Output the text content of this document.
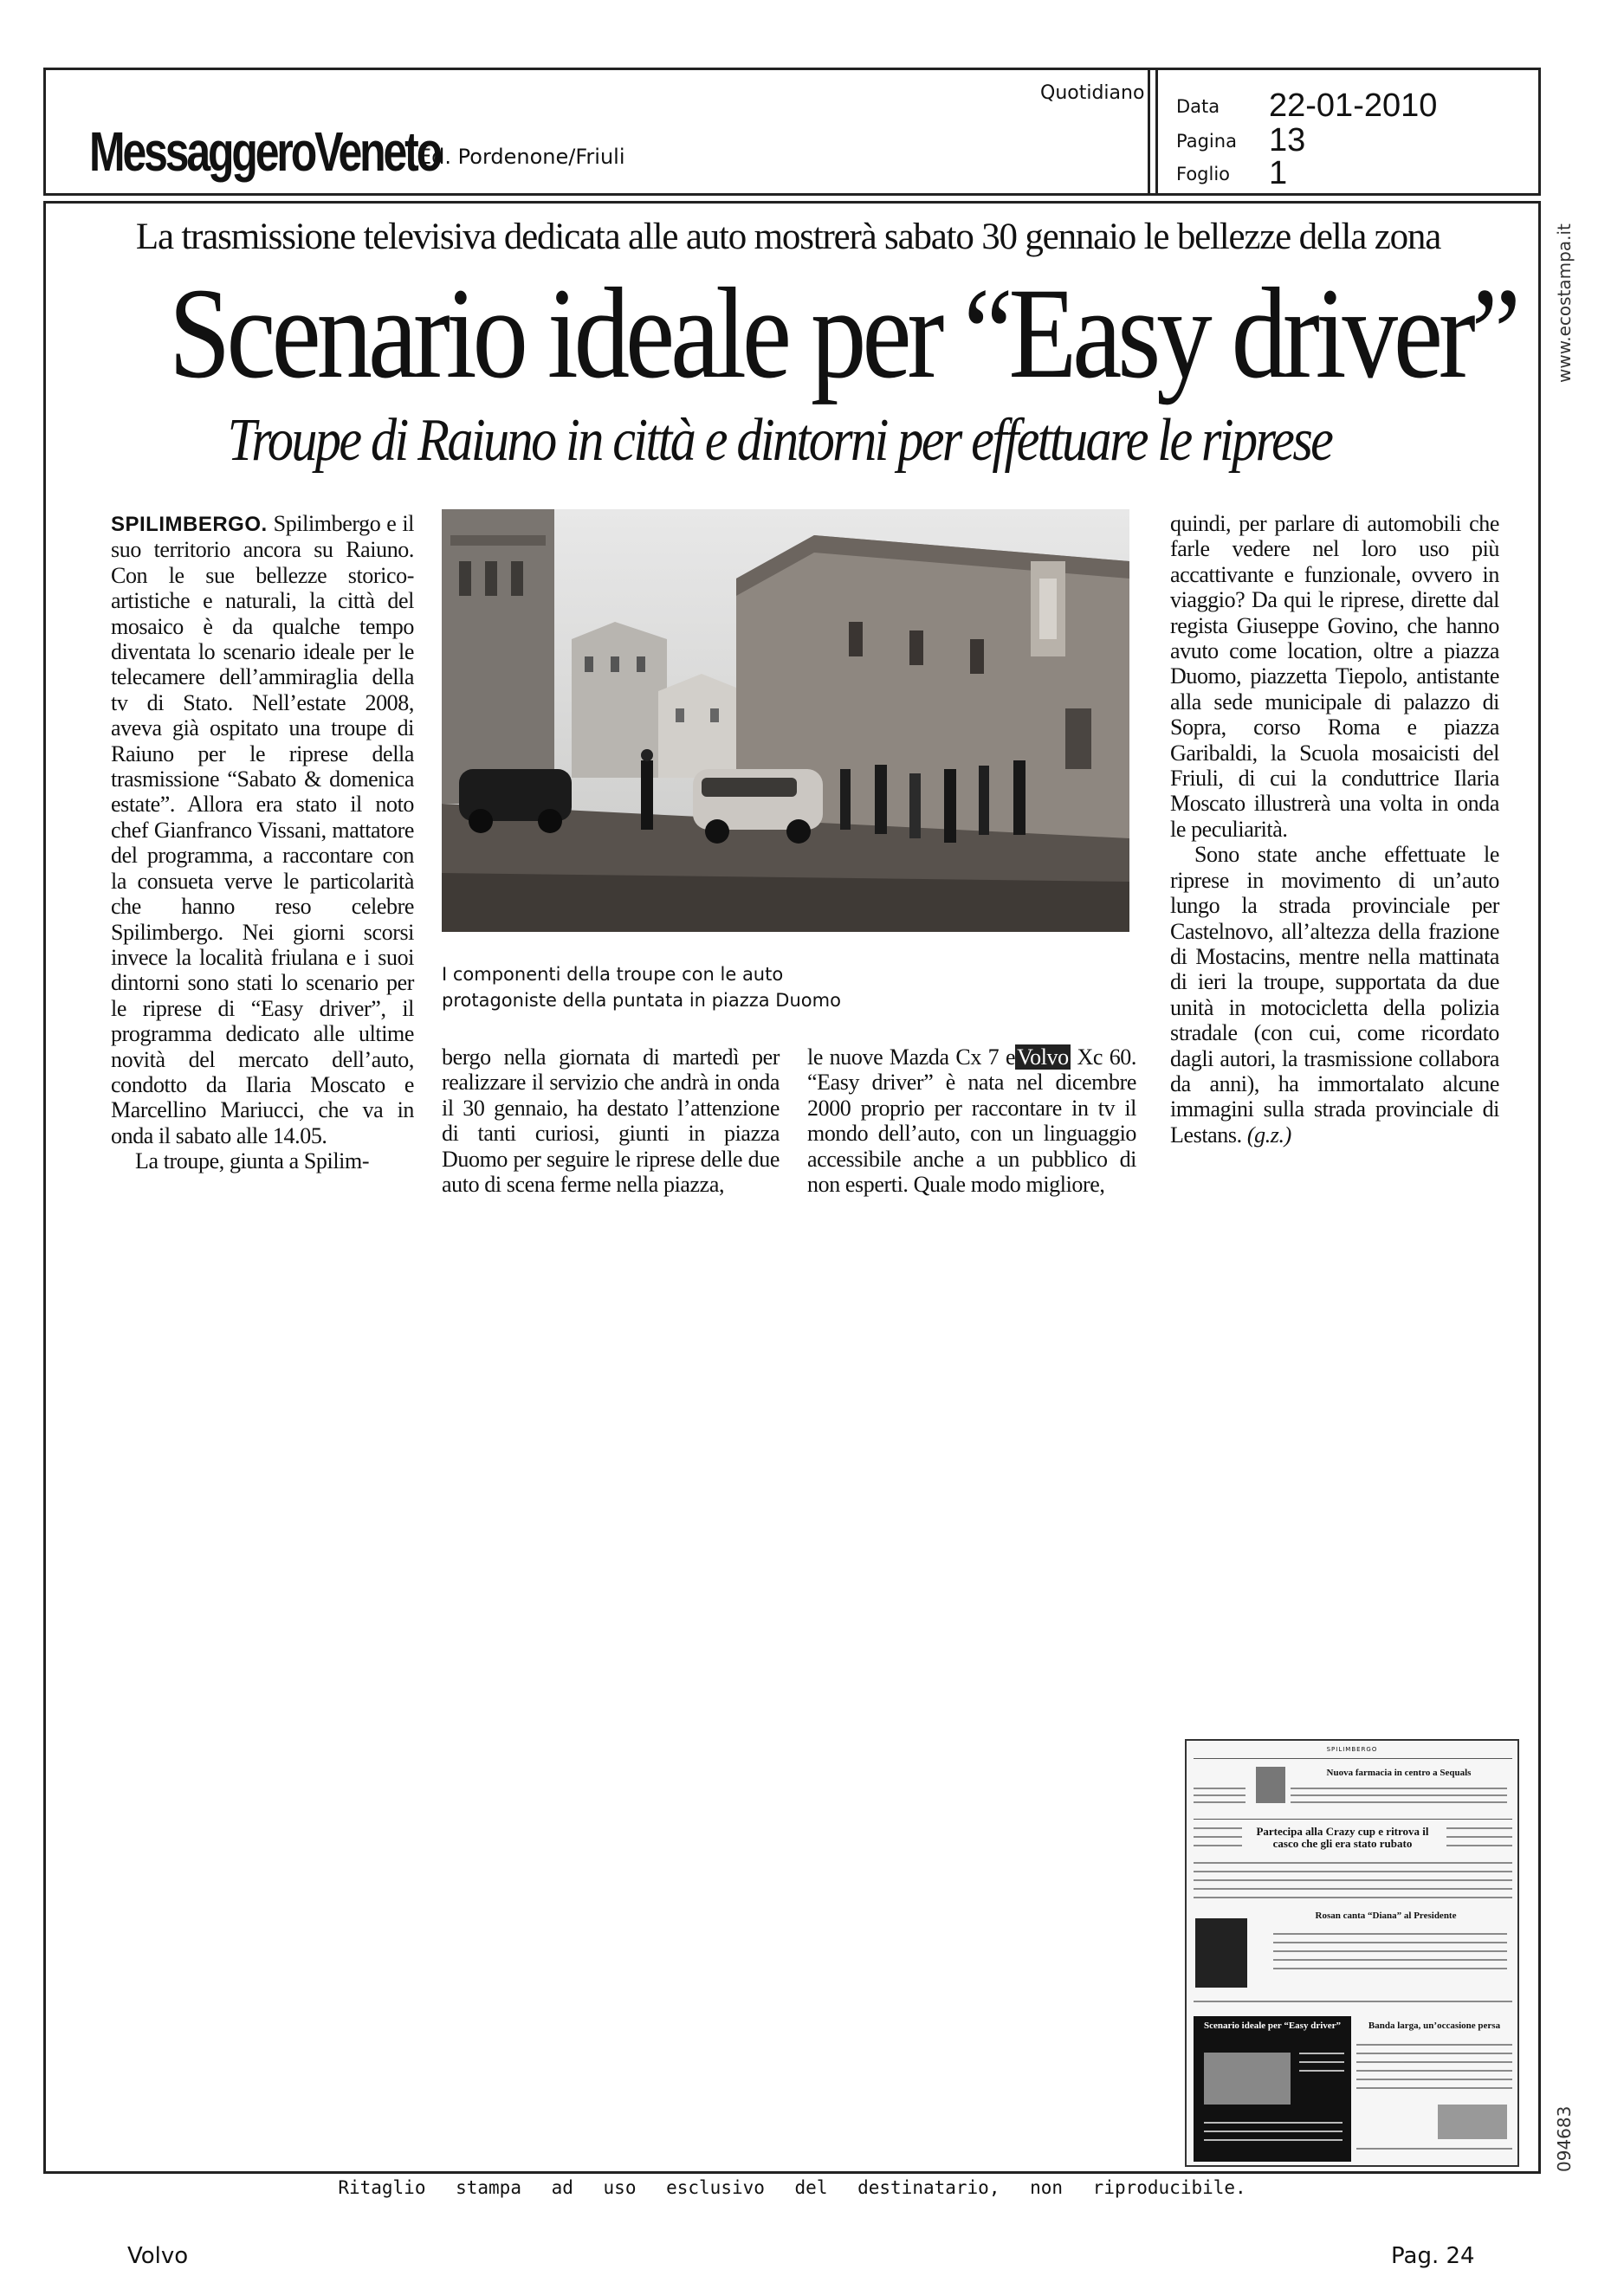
MessaggeroVeneto
Ed. Pordenone/Friuli
Quotidiano
Data 22-01-2010
Pagina 13
Foglio 1
www.ecostampa.it
094683
La trasmissione televisiva dedicata alle auto mostrerà sabato 30 gennaio le bellezze della zona
Scenario ideale per “Easy driver”
Troupe di Raiuno in città e dintorni per effettuare le riprese

SPILIMBERGO. Spilimbergo e il suo territorio ancora su Raiuno. Con le sue bellezze storico-artistiche e naturali, la città del mosaico è da qualche tempo diventata lo scenario ideale per le telecamere dell’ammiraglia della tv di Stato. Nell’estate 2008, aveva già ospitato una troupe di Raiuno per le riprese della trasmissione “Sabato & domenica estate”. Allora era stato il noto chef Gianfranco Vissani, mattatore del programma, a raccontare con la consueta verve le particolarità che hanno reso celebre Spilimbergo. Nei giorni scorsi invece la località friulana e i suoi dintorni sono stati lo scenario per le riprese di “Easy driver”, il programma dedicato alle ultime novità del mercato dell’auto, condotto da Ilaria Moscato e Marcellino Mariucci, che va in onda il sabato alle 14.05.

La troupe, giunta a Spilim-

I componenti della troupe con le auto protagoniste della puntata in piazza Duomo

bergo nella giornata di martedì per realizzare il servizio che andrà in onda il 30 gennaio, ha destato l’attenzione di tanti curiosi, giunti in piazza Duomo per seguire le riprese delle due auto di scena ferme nella piazza,

le nuove Mazda Cx 7 eVolvo Xc 60. “Easy driver” è nata nel dicembre 2000 proprio per raccontare in tv il mondo dell’auto, con un linguaggio accessibile anche a un pubblico di non esperti. Quale modo migliore,

quindi, per parlare di automobili che farle vedere nel loro uso più accattivante e funzionale, ovvero in viaggio? Da qui le riprese, dirette dal regista Giuseppe Govino, che hanno avuto come location, oltre a piazza Duomo, piazzetta Tiepolo, antistante alla sede municipale di palazzo di Sopra, corso Roma e piazza Garibaldi, la Scuola mosaicisti del Friuli, di cui la conduttrice Ilaria Moscato illustrerà una volta in onda le peculiarità.

Sono state anche effettuate le riprese in movimento di un’auto lungo la strada provinciale per Castelnovo, all’altezza della frazione di Mostacins, mentre nella mattinata di ieri la troupe, supportata da due unità in motocicletta della polizia stradale (con cui, come ricordato dagli autori, la trasmissione collabora da anni), ha immortalato alcune immagini sulla strada provinciale di Lestans. (g.z.)

SPILIMBERGO
Nuova farmacia in centro a Sequals
Partecipa alla Crazy cup e ritrova il casco che gli era stato rubato
Rosan canta “Diana” al Presidente
Scenario ideale per “Easy driver”	Banda larga, un’occasione persa
Ritaglio stampa ad uso esclusivo del destinatario, non riproducibile.
Volvo	Pag. 24
